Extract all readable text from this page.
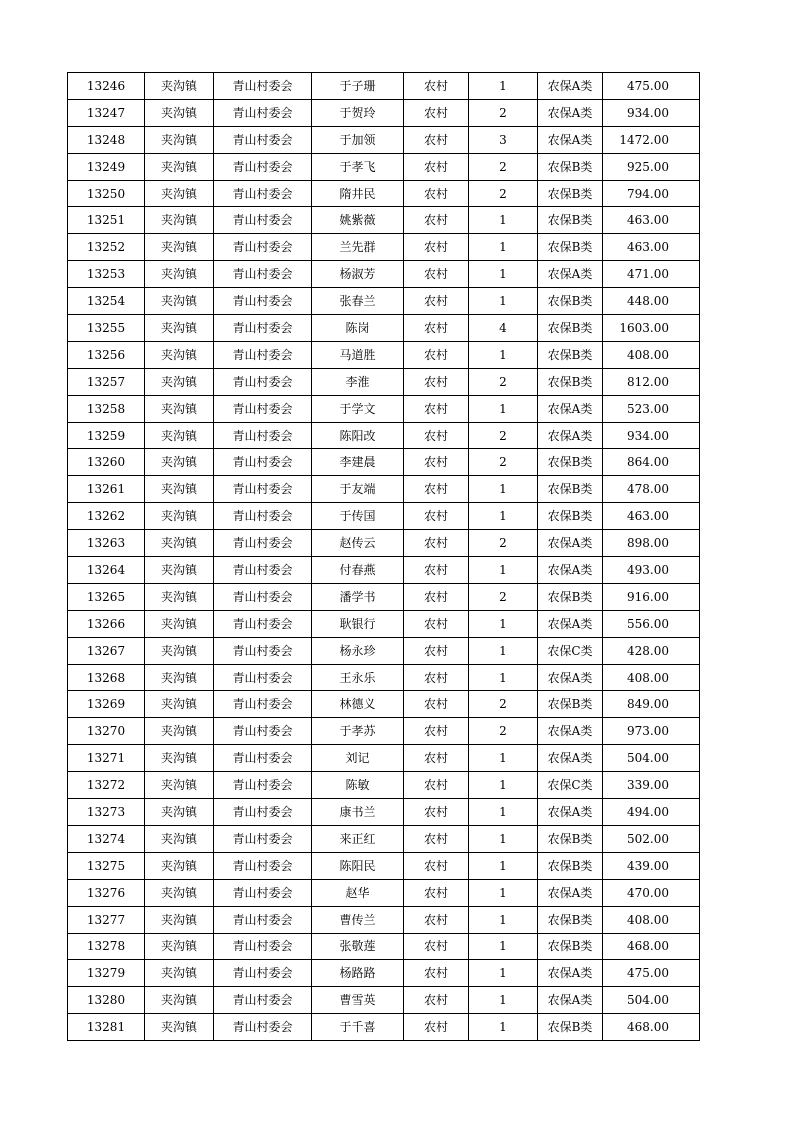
13246	夹沟镇	青山村委会	于子珊	农村	1	农保A类	475.00
13247	夹沟镇	青山村委会	于贺玲	农村	2	农保A类	934.00
13248	夹沟镇	青山村委会	于加领	农村	3	农保A类	1472.00
13249	夹沟镇	青山村委会	于孝飞	农村	2	农保B类	925.00
13250	夹沟镇	青山村委会	隋井民	农村	2	农保B类	794.00
13251	夹沟镇	青山村委会	姚紫薇	农村	1	农保B类	463.00
13252	夹沟镇	青山村委会	兰先群	农村	1	农保B类	463.00
13253	夹沟镇	青山村委会	杨淑芳	农村	1	农保A类	471.00
13254	夹沟镇	青山村委会	张春兰	农村	1	农保B类	448.00
13255	夹沟镇	青山村委会	陈岗	农村	4	农保B类	1603.00
13256	夹沟镇	青山村委会	马道胜	农村	1	农保B类	408.00
13257	夹沟镇	青山村委会	李淮	农村	2	农保B类	812.00
13258	夹沟镇	青山村委会	于学文	农村	1	农保A类	523.00
13259	夹沟镇	青山村委会	陈阳改	农村	2	农保A类	934.00
13260	夹沟镇	青山村委会	李建晨	农村	2	农保B类	864.00
13261	夹沟镇	青山村委会	于友端	农村	1	农保B类	478.00
13262	夹沟镇	青山村委会	于传国	农村	1	农保B类	463.00
13263	夹沟镇	青山村委会	赵传云	农村	2	农保A类	898.00
13264	夹沟镇	青山村委会	付春燕	农村	1	农保A类	493.00
13265	夹沟镇	青山村委会	潘学书	农村	2	农保B类	916.00
13266	夹沟镇	青山村委会	耿银行	农村	1	农保A类	556.00
13267	夹沟镇	青山村委会	杨永珍	农村	1	农保C类	428.00
13268	夹沟镇	青山村委会	王永乐	农村	1	农保A类	408.00
13269	夹沟镇	青山村委会	林德义	农村	2	农保B类	849.00
13270	夹沟镇	青山村委会	于孝苏	农村	2	农保A类	973.00
13271	夹沟镇	青山村委会	刘记	农村	1	农保A类	504.00
13272	夹沟镇	青山村委会	陈敏	农村	1	农保C类	339.00
13273	夹沟镇	青山村委会	康书兰	农村	1	农保A类	494.00
13274	夹沟镇	青山村委会	来正红	农村	1	农保B类	502.00
13275	夹沟镇	青山村委会	陈阳民	农村	1	农保B类	439.00
13276	夹沟镇	青山村委会	赵华	农村	1	农保A类	470.00
13277	夹沟镇	青山村委会	曹传兰	农村	1	农保B类	408.00
13278	夹沟镇	青山村委会	张敬莲	农村	1	农保B类	468.00
13279	夹沟镇	青山村委会	杨路路	农村	1	农保A类	475.00
13280	夹沟镇	青山村委会	曹雪英	农村	1	农保A类	504.00
13281	夹沟镇	青山村委会	于千喜	农村	1	农保B类	468.00
